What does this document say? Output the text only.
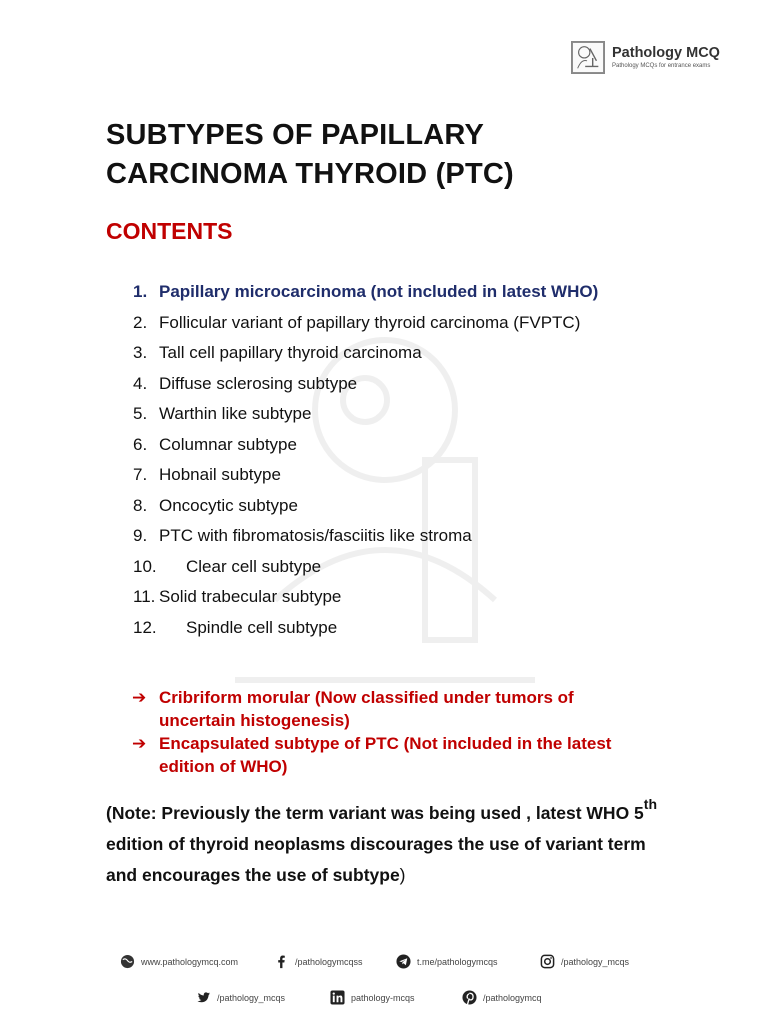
Pathology MCQ
Pathology MCQs for entrance exams
SUBTYPES OF PAPILLARY
CARCINOMA THYROID (PTC)
CONTENTS
1. Papillary microcarcinoma (not included in latest WHO)
2. Follicular variant of papillary thyroid carcinoma (FVPTC)
3. Tall cell papillary thyroid carcinoma
4. Diffuse sclerosing subtype
5. Warthin like subtype
6. Columnar subtype
7. Hobnail subtype
8. Oncocytic subtype
9. PTC with fibromatosis/fasciitis like stroma
10. Clear cell subtype
11. Solid trabecular subtype
12. Spindle cell subtype
➔ Cribriform morular (Now classified under tumors of uncertain histogenesis)
➔ Encapsulated subtype of PTC (Not included in the latest edition of WHO)
(Note: Previously the term variant was being used , latest WHO 5th edition of thyroid neoplasms discourages the use of variant term and encourages the use of subtype)
www.pathologymcq.com	/pathologymcqss	t.me/pathologymcqs	/pathology_mcqs
/pathology_mcqs	pathology-mcqs	/pathologymcq
